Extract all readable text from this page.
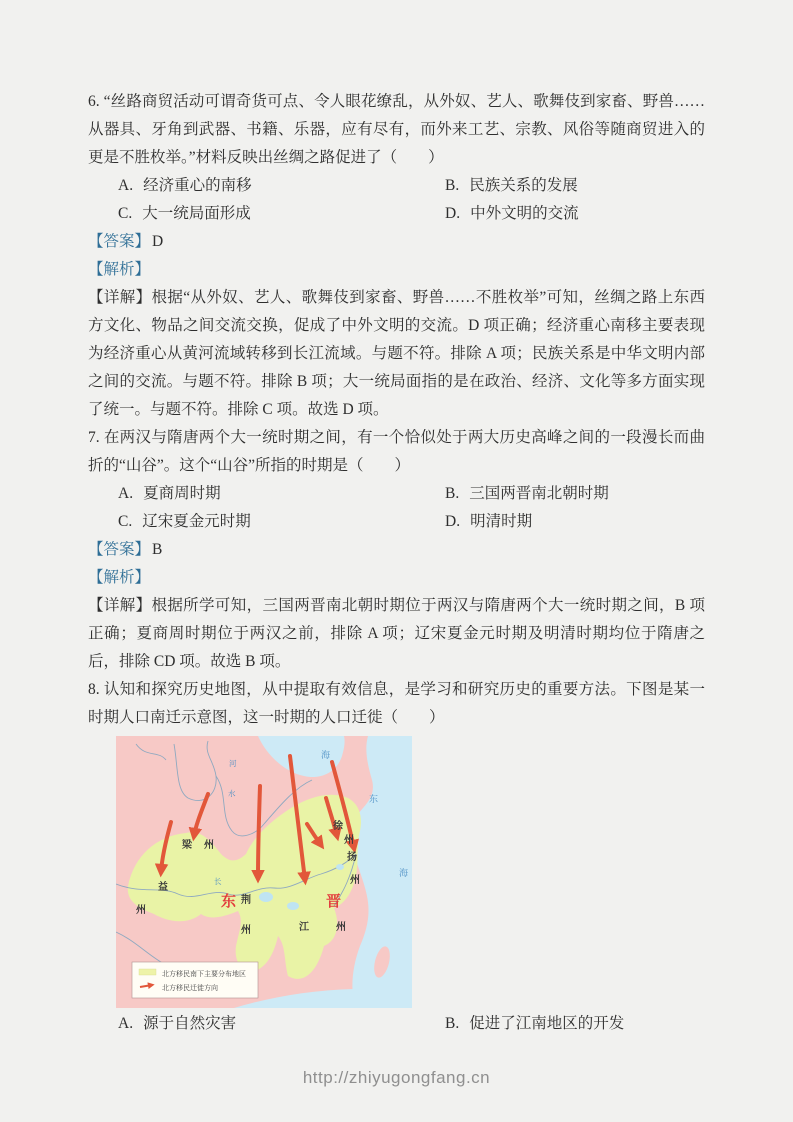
6. “丝路商贸活动可谓奇货可点、令人眼花缭乱，从外奴、艺人、歌舞伎到家畜、野兽……从器具、牙角到武器、书籍、乐器，应有尽有，而外来工艺、宗教、风俗等随商贸进入的更是不胜枚举。”材料反映出丝绸之路促进了（　　）

A. 经济重心的南移	B. 民族关系的发展
C. 大一统局面形成	D. 中外文明的交流

【答案】 D

【解析】

【详解】根据“从外奴、艺人、歌舞伎到家畜、野兽……不胜枚举”可知，丝绸之路上东西方文化、物品之间交流交换，促成了中外文明的交流。D 项正确；经济重心南移主要表现为经济重心从黄河流域转移到长江流域。与题不符。排除 A 项；民族关系是中华文明内部之间的交流。与题不符。排除 B 项；大一统局面指的是在政治、经济、文化等多方面实现了统一。与题不符。排除 C 项。故选 D 项。

7. 在两汉与隋唐两个大一统时期之间，有一个恰似处于两大历史高峰之间的一段漫长而曲折的“山谷”。这个“山谷”所指的时期是（　　）

A. 夏商周时期	B. 三国两晋南北朝时期
C. 辽宋夏金元时期	D. 明清时期

【答案】 B

【解析】

【详解】根据所学可知，三国两晋南北朝时期位于两汉与隋唐两个大一统时期之间，B 项正确；夏商周时期位于两汉之前，排除 A 项；辽宋夏金元时期及明清时期均位于隋唐之后，排除 CD 项。故选 B 项。

8. 认知和探究历史地图，从中提取有效信息，是学习和研究历史的重要方法。下图是某一时期人口南迁示意图，这一时期的人口迁徙（　　）

海
东
海
河
水
长
梁 州
益
州
荆
州
徐
州
扬
州
江	州
东	晋
北方移民南下主要分布地区
北方移民迁徙方向
A. 源于自然灾害	B. 促进了江南地区的开发

http://zhiyugongfang.cn
